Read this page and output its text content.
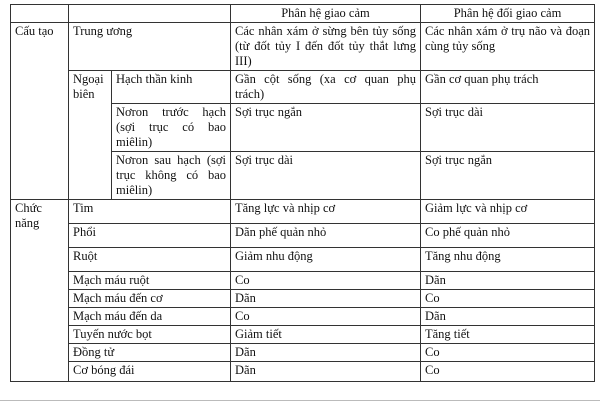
			Phân hệ giao cảm	Phân hệ đối giao cảm
Cấu tạo	Trung ương		Các nhân xám ở sừng bên tủy sống (từ đốt tủy I đến đốt tủy thắt lưng III)	Các nhân xám ở trụ não và đoạn cùng tủy sống
	Ngoại biên	Hạch thần kinh	Gần cột sống (xa cơ quan phụ trách)	Gần cơ quan phụ trách
		Nơron trước hạch (sợi trục có bao miêlin)	Sợi trục ngắn	Sợi trục dài
		Nơron sau hạch (sợi trục không có bao miêlin)	Sợi trục dài	Sợi trục ngắn
Chức năng	Tim		Tăng lực và nhịp cơ	Giảm lực và nhịp cơ
	Phổi		Dãn phế quản nhỏ	Co phế quản nhỏ
	Ruột		Giảm nhu động	Tăng nhu động
	Mạch máu ruột		Co	Dãn
	Mạch máu đến cơ		Dãn	Co
	Mạch máu đến da		Co	Dãn
	Tuyến nước bọt		Giảm tiết	Tăng tiết
	Đồng tử		Dãn	Co
	Cơ bóng đái		Dãn	Co
